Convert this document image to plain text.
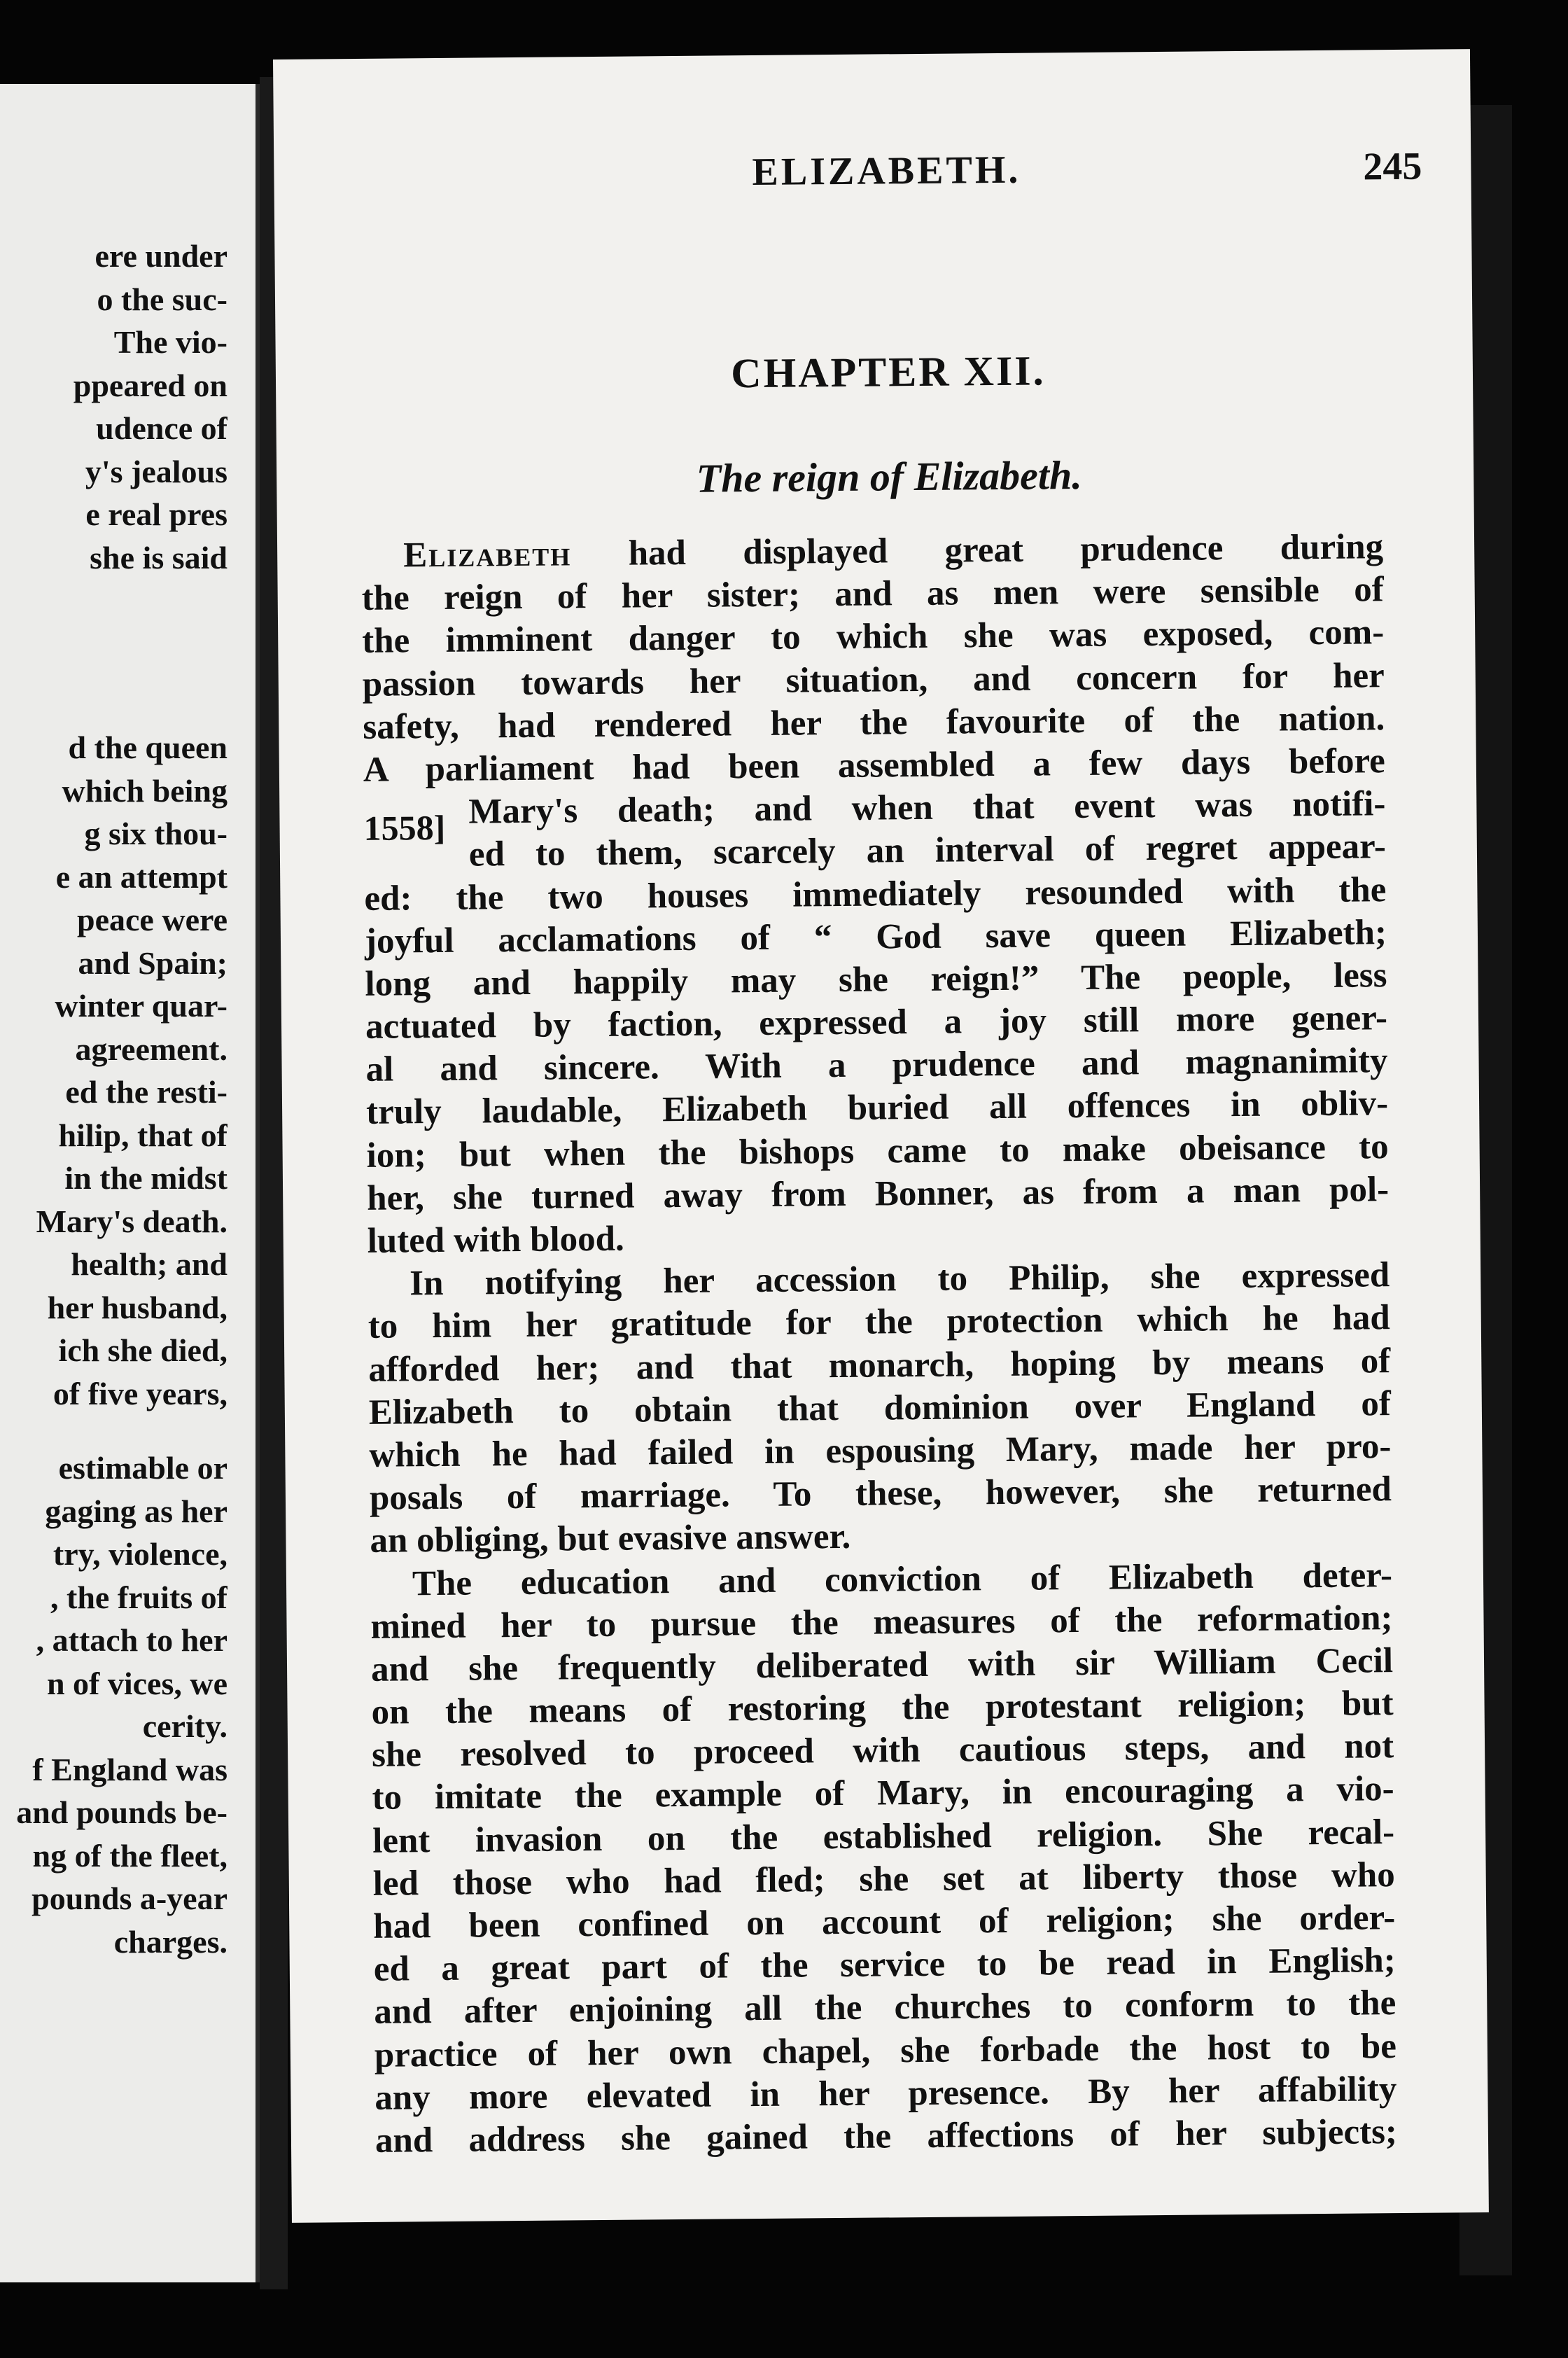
ere under
o the suc-
The vio-
ppeared on
udence of
y's jealous
e real pres
she is said
d the queen
which being
g six thou-
e an attempt
peace were
and Spain;
winter quar-
agreement.
ed the resti-
hilip, that of
in the midst
Mary's death.
health; and
her husband,
ich she died,
of five years,
estimable or
gaging as her
try, violence,
, the fruits of
, attach to her
n of vices, we
cerity.
f England was
and pounds be-
ng of the fleet,
pounds a-year
charges.
ELIZABETH.	245
CHAPTER XII.
The reign of Elizabeth.
Elizabeth had displayed great prudence during
the reign of her sister; and as men were sensible of
the imminent danger to which she was exposed, com-
passion towards her situation, and concern for her
safety, had rendered her the favourite of the nation.
A parliament had been assembled a few days before
1558] Mary's death; and when that event was notifi-
ed to them, scarcely an interval of regret appear-
ed: the two houses immediately resounded with the
joyful acclamations of “ God save queen Elizabeth;
long and happily may she reign!” The people, less
actuated by faction, expressed a joy still more gener-
al and sincere. With a prudence and magnanimity
truly laudable, Elizabeth buried all offences in obliv-
ion; but when the bishops came to make obeisance to
her, she turned away from Bonner, as from a man pol-
luted with blood.
In notifying her accession to Philip, she expressed
to him her gratitude for the protection which he had
afforded her; and that monarch, hoping by means of
Elizabeth to obtain that dominion over England of
which he had failed in espousing Mary, made her pro-
posals of marriage. To these, however, she returned
an obliging, but evasive answer.
The education and conviction of Elizabeth deter-
mined her to pursue the measures of the reformation;
and she frequently deliberated with sir William Cecil
on the means of restoring the protestant religion; but
she resolved to proceed with cautious steps, and not
to imitate the example of Mary, in encouraging a vio-
lent invasion on the established religion. She recal-
led those who had fled; she set at liberty those who
had been confined on account of religion; she order-
ed a great part of the service to be read in English;
and after enjoining all the churches to conform to the
practice of her own chapel, she forbade the host to be
any more elevated in her presence. By her affability
and address she gained the affections of her subjects;
